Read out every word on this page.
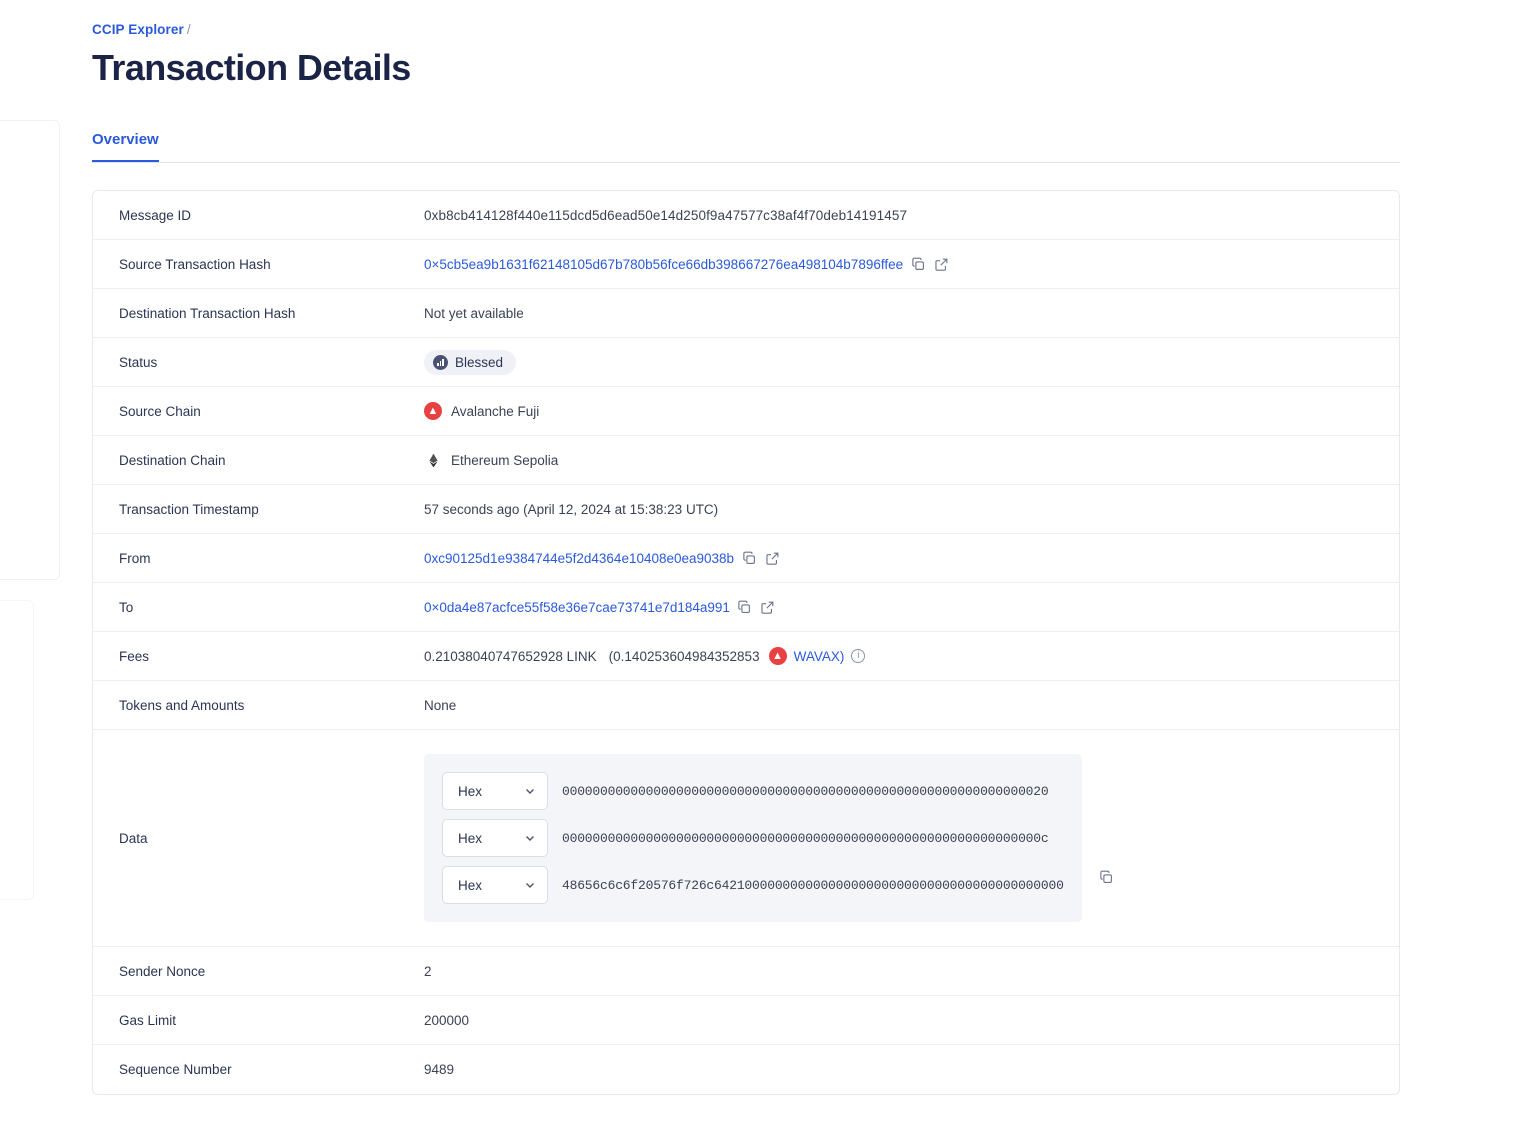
CCIP Explorer /
Transaction Details
Overview
Message ID	0xb8cb414128f440e115dcd5d6ead50e14d250f9a47577c38af4f70deb14191457
Source Transaction Hash	0×5cb5ea9b1631f62148105d67b780b56fce66db398667276ea498104b7896ffee
Destination Transaction Hash	Not yet available
Status	Blessed
Source Chain	▲ Avalanche Fuji
Destination Chain	Ethereum Sepolia
Transaction Timestamp	57 seconds ago (April 12, 2024 at 15:38:23 UTC)
From	0xc90125d1e9384744e5f2d4364e10408e0ea9038b
To	0×0da4e87acfce55f58e36e7cae73741e7d184a991
Fees	0.21038040747652928 LINK (0.140253604984352853	▲ WAVAX)	i
Tokens and Amounts	None
Data
Hex	0000000000000000000000000000000000000000000000000000000000000020
Hex	000000000000000000000000000000000000000000000000000000000000000c
Hex	48656c6c6f20576f726c6421000000000000000000000000000000000000000000
Sender Nonce	2
Gas Limit	200000
Sequence Number	9489
